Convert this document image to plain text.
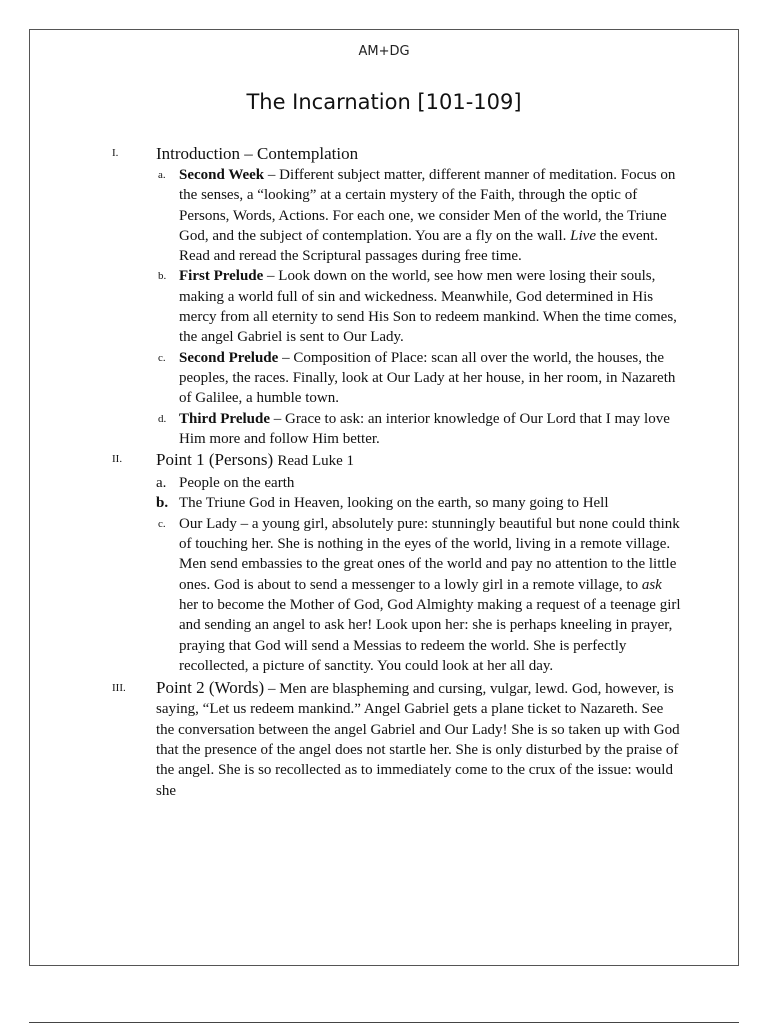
AM+DG
The Incarnation [101-109]
I. Introduction – Contemplation
a. Second Week – Different subject matter, different manner of meditation. Focus on the senses, a “looking” at a certain mystery of the Faith, through the optic of Persons, Words, Actions. For each one, we consider Men of the world, the Triune God, and the subject of contemplation. You are a fly on the wall. Live the event. Read and reread the Scriptural passages during free time.
b. First Prelude – Look down on the world, see how men were losing their souls, making a world full of sin and wickedness. Meanwhile, God determined in His mercy from all eternity to send His Son to redeem mankind. When the time comes, the angel Gabriel is sent to Our Lady.
c. Second Prelude – Composition of Place: scan all over the world, the houses, the peoples, the races. Finally, look at Our Lady at her house, in her room, in Nazareth of Galilee, a humble town.
d. Third Prelude – Grace to ask: an interior knowledge of Our Lord that I may love Him more and follow Him better.
II. Point 1 (Persons) Read Luke 1
a. People on the earth
b. The Triune God in Heaven, looking on the earth, so many going to Hell
c. Our Lady – a young girl, absolutely pure: stunningly beautiful but none could think of touching her. She is nothing in the eyes of the world, living in a remote village. Men send embassies to the great ones of the world and pay no attention to the little ones. God is about to send a messenger to a lowly girl in a remote village, to ask her to become the Mother of God, God Almighty making a request of a teenage girl and sending an angel to ask her! Look upon her: she is perhaps kneeling in prayer, praying that God will send a Messias to redeem the world. She is perfectly recollected, a picture of sanctity. You could look at her all day.
III. Point 2 (Words) – Men are blaspheming and cursing, vulgar, lewd. God, however, is saying, “Let us redeem mankind.” Angel Gabriel gets a plane ticket to Nazareth. See the conversation between the angel Gabriel and Our Lady! She is so taken up with God that the presence of the angel does not startle her. She is only disturbed by the praise of the angel. She is so recollected as to immediately come to the crux of the issue: would she
